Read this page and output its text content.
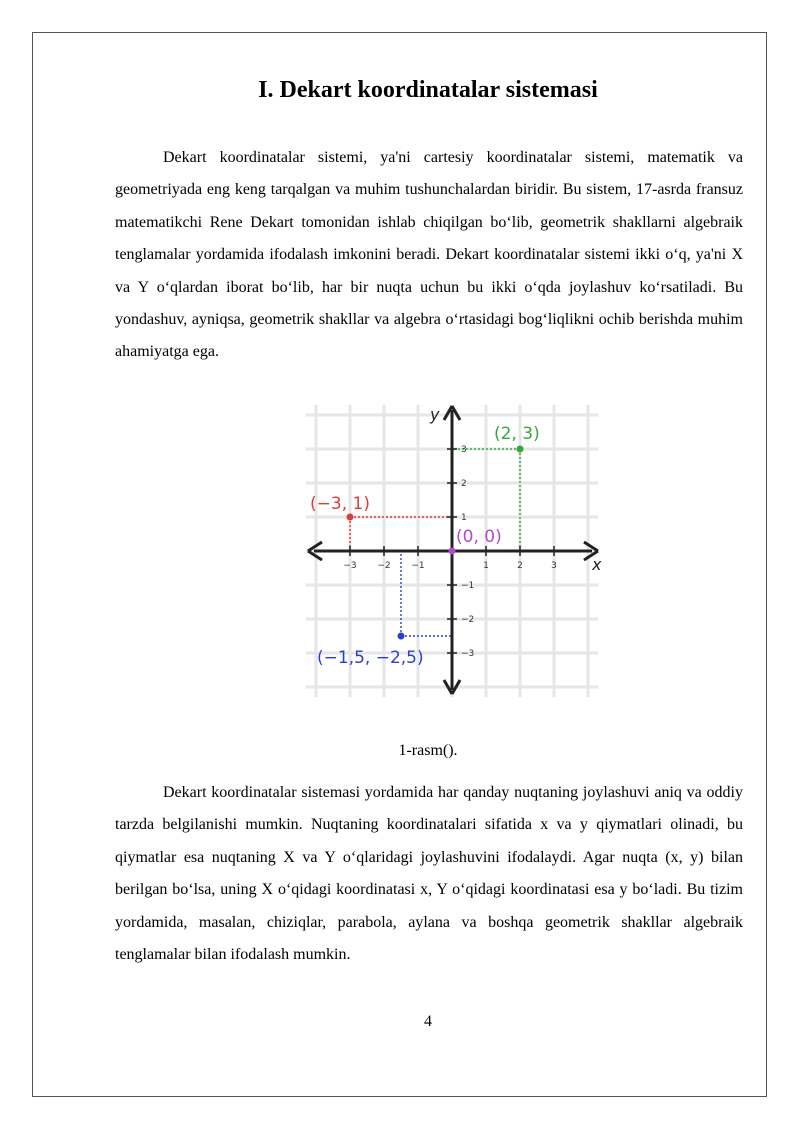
I. Dekart koordinatalar sistemasi

Dekart koordinatalar sistemi, ya'ni cartesiy koordinatalar sistemi, matematik va geometriyada eng keng tarqalgan va muhim tushunchalardan biridir. Bu sistem, 17-asrda fransuz matematikchi Rene Dekart tomonidan ishlab chiqilgan bo‘lib, geometrik shakllarni algebraik tenglamalar yordamida ifodalash imkonini beradi. Dekart koordinatalar sistemi ikki o‘q, ya'ni X va Y o‘qlardan iborat bo‘lib, har bir nuqta uchun bu ikki o‘qda joylashuv ko‘rsatiladi. Bu yondashuv, ayniqsa, geometrik shakllar va algebra o‘rtasidagi bog‘liqlikni ochib berishda muhim ahamiyatga ega.

x
y
−3 −2 −1	1	2	3
3
2
1
−1
−2
−3
(2, 3)
(−3, 1)
(0, 0)
(−1,5, −2,5)
1-rasm().

Dekart koordinatalar sistemasi yordamida har qanday nuqtaning joylashuvi aniq va oddiy tarzda belgilanishi mumkin. Nuqtaning koordinatalari sifatida x va y qiymatlari olinadi, bu qiymatlar esa nuqtaning X va Y o‘qlaridagi joylashuvini ifodalaydi. Agar nuqta (x, y) bilan berilgan bo‘lsa, uning X o‘qidagi koordinatasi x, Y o‘qidagi koordinatasi esa y bo‘ladi. Bu tizim yordamida, masalan, chiziqlar, parabola, aylana va boshqa geometrik shakllar algebraik tenglamalar bilan ifodalash mumkin.

4
